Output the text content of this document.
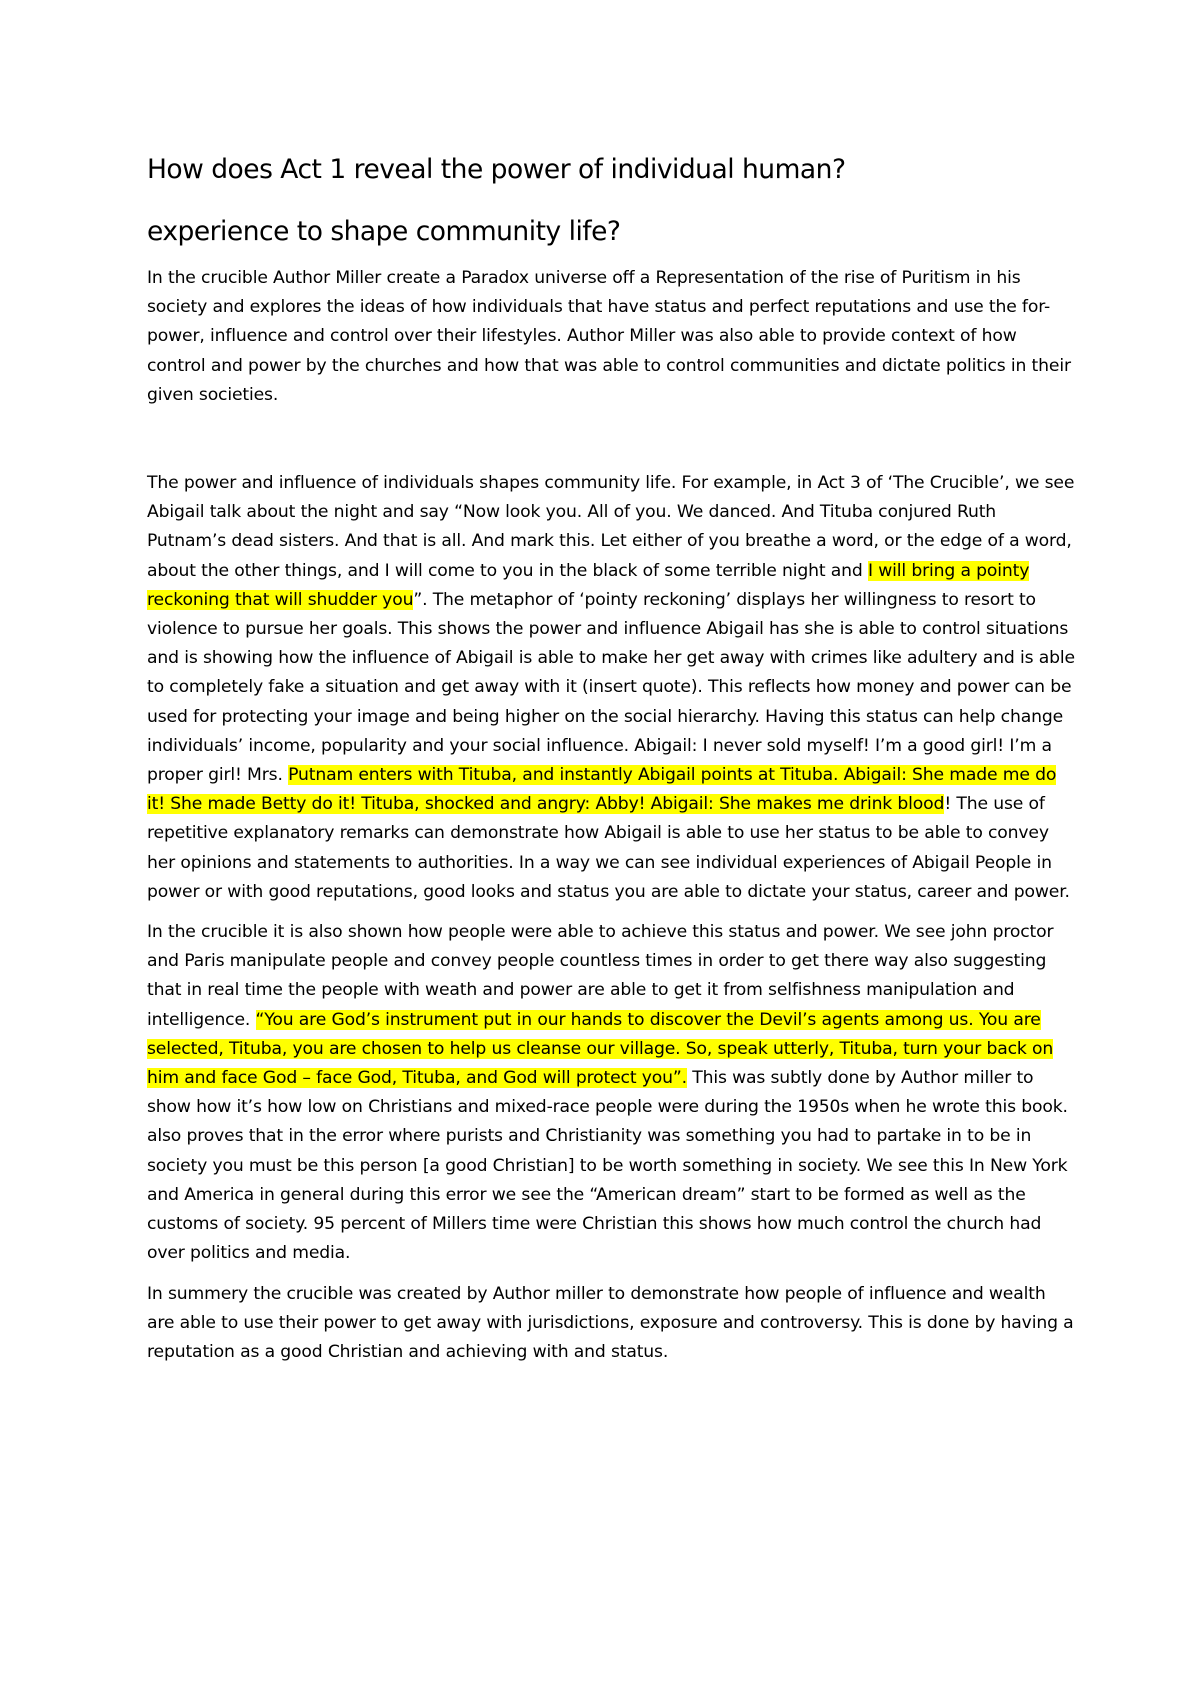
How does Act 1 reveal the power of individual human?
experience to shape community life?

In the crucible Author Miller create a Paradox universe off a Representation of the rise of Puritism in his society and explores the ideas of how individuals that have status and perfect reputations and use the for-power, influence and control over their lifestyles. Author Miller was also able to provide context of how control and power by the churches and how that was able to control communities and dictate politics in their given societies.

The power and influence of individuals shapes community life. For example, in Act 3 of ‘The Crucible’, we see Abigail talk about the night and say “Now look you. All of you. We danced. And Tituba conjured Ruth Putnam’s dead sisters. And that is all. And mark this. Let either of you breathe a word, or the edge of a word, about the other things, and I will come to you in the black of some terrible night and I will bring a pointy reckoning that will shudder you”. The metaphor of ‘pointy reckoning’ displays her willingness to resort to violence to pursue her goals. This shows the power and influence Abigail has she is able to control situations and is showing how the influence of Abigail is able to make her get away with crimes like adultery and is able to completely fake a situation and get away with it (insert quote). This reflects how money and power can be used for protecting your image and being higher on the social hierarchy. Having this status can help change individuals’ income, popularity and your social influence. Abigail: I never sold myself! I’m a good girl! I’m a proper girl! Mrs. Putnam enters with Tituba, and instantly Abigail points at Tituba. Abigail: She made me do it! She made Betty do it! Tituba, shocked and angry: Abby! Abigail: She makes me drink blood! The use of repetitive explanatory remarks can demonstrate how Abigail is able to use her status to be able to convey her opinions and statements to authorities. In a way we can see individual experiences of Abigail People in power or with good reputations, good looks and status you are able to dictate your status, career and power.

In the crucible it is also shown how people were able to achieve this status and power. We see john proctor and Paris manipulate people and convey people countless times in order to get there way also suggesting that in real time the people with weath and power are able to get it from selfishness manipulation and intelligence. “You are God’s instrument put in our hands to discover the Devil’s agents among us. You are selected, Tituba, you are chosen to help us cleanse our village. So, speak utterly, Tituba, turn your back on him and face God – face God, Tituba, and God will protect you”. This was subtly done by Author miller to show how it’s how low on Christians and mixed-race people were during the 1950s when he wrote this book. also proves that in the error where purists and Christianity was something you had to partake in to be in society you must be this person [a good Christian] to be worth something in society. We see this In New York and America in general during this error we see the “American dream” start to be formed as well as the customs of society. 95 percent of Millers time were Christian this shows how much control the church had over politics and media.

In summery the crucible was created by Author miller to demonstrate how people of influence and wealth are able to use their power to get away with jurisdictions, exposure and controversy. This is done by having a reputation as a good Christian and achieving with and status.
